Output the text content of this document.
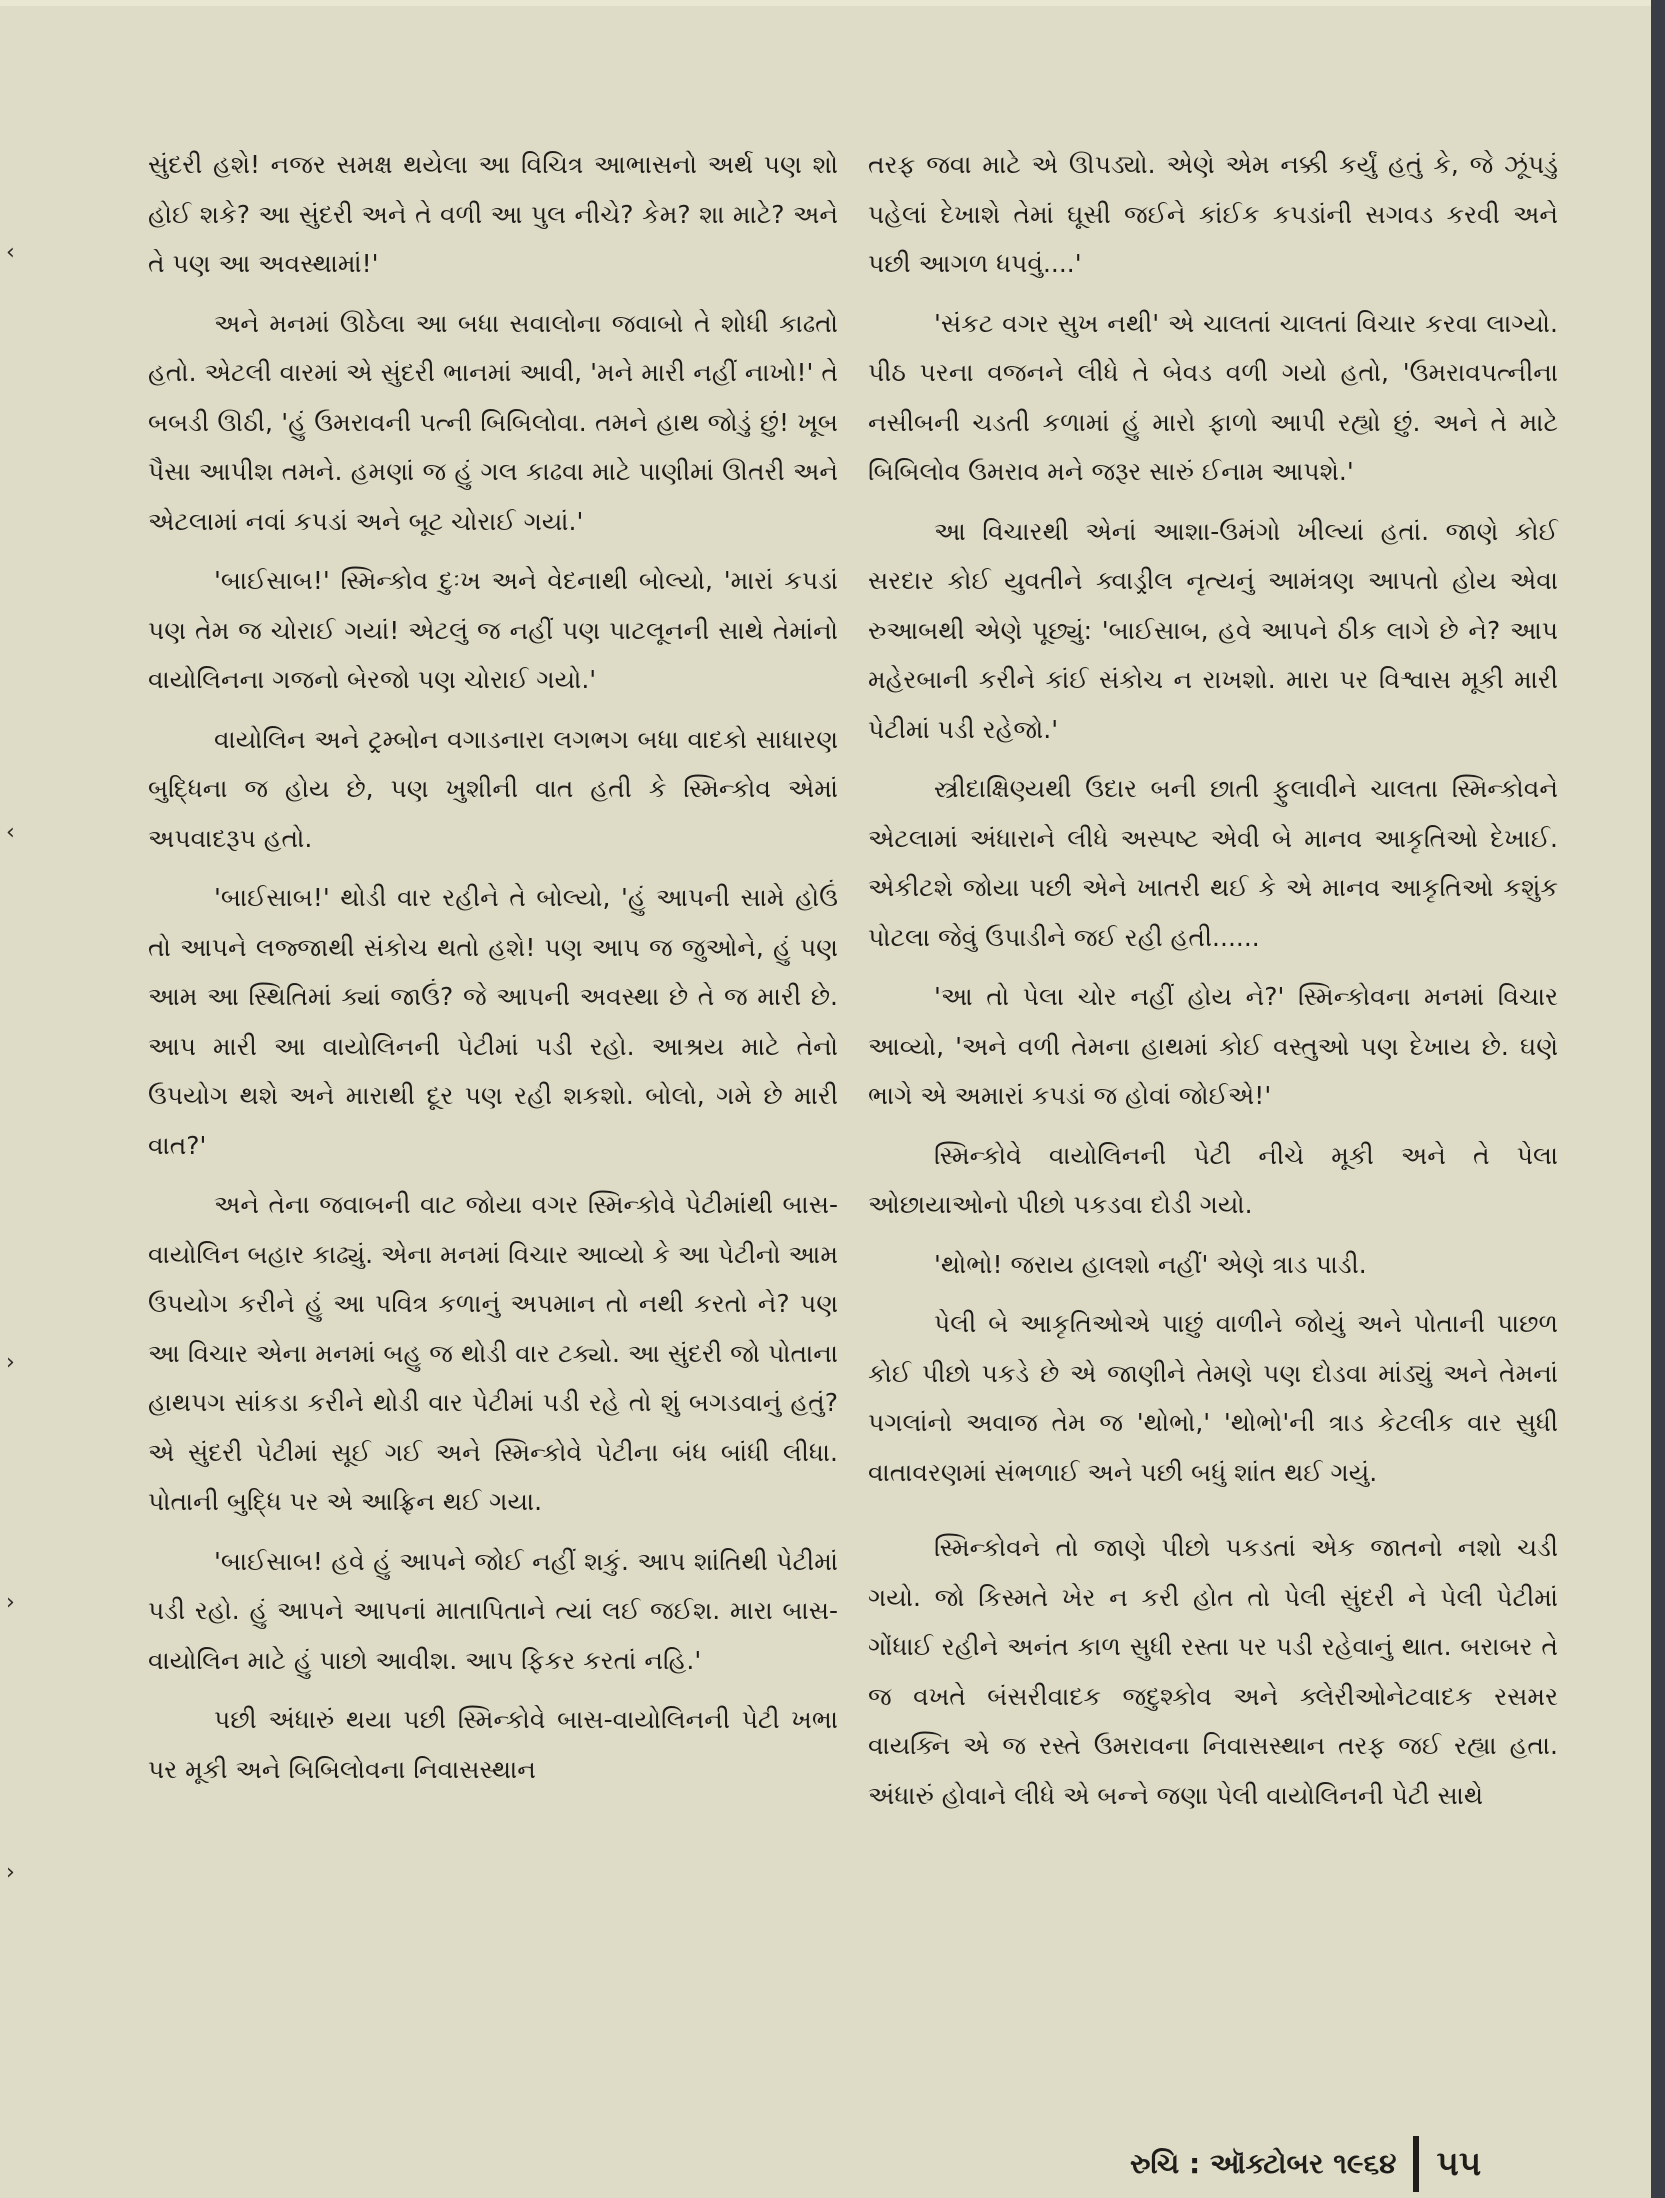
‹
‹
›
›
›

સુંદરી હશે! નજર સમક્ષ થયેલા આ વિચિત્ર આભાસનો અર્થ પણ શો હોઈ શકે? આ સુંદરી અને તે વળી આ પુલ નીચે? કેમ? શા માટે? અને તે પણ આ અવસ્થામાં!'

અને મનમાં ઊઠેલા આ બધા સવાલોના જવાબો તે શોધી કાઢતો હતો. એટલી વારમાં એ સુંદરી ભાનમાં આવી, 'મને મારી નહીં નાખો!' તે બબડી ઊઠી, 'હું ઉમરાવની પત્ની બિબિલોવા. તમને હાથ જોડું છું! ખૂબ પૈસા આપીશ તમને. હમણાં જ હું ગલ કાઢવા માટે પાણીમાં ઊતરી અને એટલામાં નવાં કપડાં અને બૂટ ચોરાઈ ગયાં.'

'બાઈસાબ!' સ્મિન્કોવ દુઃખ અને વેદનાથી બોલ્યો, 'મારાં કપડાં પણ તેમ જ ચોરાઈ ગયાં! એટલું જ નહીં પણ પાટલૂનની સાથે તેમાંનો વાયોલિનના ગજનો બેરજો પણ ચોરાઈ ગયો.'

વાયોલિન અને ટ્રમ્બોન વગાડનારા લગભગ બધા વાદકો સાધારણ બુદ્ધિના જ હોય છે, પણ ખુશીની વાત હતી કે સ્મિન્કોવ એમાં અપવાદરૂપ હતો.

'બાઈસાબ!' થોડી વાર રહીને તે બોલ્યો, 'હું આપની સામે હોઉં તો આપને લજ્જાથી સંકોચ થતો હશે! પણ આપ જ જુઓને, હું પણ આમ આ સ્થિતિમાં ક્યાં જાઉં? જે આપની અવસ્થા છે તે જ મારી છે. આપ મારી આ વાયોલિનની પેટીમાં પડી રહો. આશ્રય માટે તેનો ઉપયોગ થશે અને મારાથી દૂર પણ રહી શકશો. બોલો, ગમે છે મારી વાત?'

અને તેના જવાબની વાટ જોયા વગર સ્મિન્કોવે પેટીમાંથી બાસ-વાયોલિન બહાર કાઢ્યું. એના મનમાં વિચાર આવ્યો કે આ પેટીનો આમ ઉપયોગ કરીને હું આ પવિત્ર કળાનું અપમાન તો નથી કરતો ને? પણ આ વિચાર એના મનમાં બહુ જ થોડી વાર ટક્યો. આ સુંદરી જો પોતાના હાથપગ સાંકડા કરીને થોડી વાર પેટીમાં પડી રહે તો શું બગડવાનું હતું? એ સુંદરી પેટીમાં સૂઈ ગઈ અને સ્મિન્કોવે પેટીના બંધ બાંધી લીધા. પોતાની બુદ્ધિ પર એ આફ્રિન થઈ ગયા.

'બાઈસાબ! હવે હું આપને જોઈ નહીં શકું. આપ શાંતિથી પેટીમાં પડી રહો. હું આપને આપનાં માતાપિતાને ત્યાં લઈ જઈશ. મારા બાસ-વાયોલિન માટે હું પાછો આવીશ. આપ ફિકર કરતાં નહિ.'

પછી અંધારું થયા પછી સ્મિન્કોવે બાસ-વાયોલિનની પેટી ખભા પર મૂકી અને બિબિલોવના નિવાસસ્થાન

તરફ જવા માટે એ ઊપડ્યો. એણે એમ નક્કી કર્યું હતું કે, જે ઝૂંપડું પહેલાં દેખાશે તેમાં ઘૂસી જઈને કાંઈક કપડાંની સગવડ કરવી અને પછી આગળ ધપવું....'

'સંકટ વગર સુખ નથી' એ ચાલતાં ચાલતાં વિચાર કરવા લાગ્યો. પીઠ પરના વજનને લીધે તે બેવડ વળી ગયો હતો, 'ઉમરાવપત્નીના નસીબની ચડતી કળામાં હું મારો ફાળો આપી રહ્યો છું. અને તે માટે બિબિલોવ ઉમરાવ મને જરૂર સારું ઈનામ આપશે.'

આ વિચારથી એનાં આશા-ઉમંગો ખીલ્યાં હતાં. જાણે કોઈ સરદાર કોઈ યુવતીને ક્વાડ્રીલ નૃત્યનું આમંત્રણ આપતો હોય એવા રુઆબથી એણે પૂછ્યું: 'બાઈસાબ, હવે આપને ઠીક લાગે છે ને? આપ મહેરબાની કરીને કાંઈ સંકોચ ન રાખશો. મારા પર વિશ્વાસ મૂકી મારી પેટીમાં પડી રહેજો.'

સ્ત્રીદાક્ષિણ્યથી ઉદાર બની છાતી ફુલાવીને ચાલતા સ્મિન્કોવને એટલામાં અંધારાને લીધે અસ્પષ્ટ એવી બે માનવ આકૃતિઓ દેખાઈ. એકીટશે જોયા પછી એને ખાતરી થઈ કે એ માનવ આકૃતિઓ કશુંક પોટલા જેવું ઉપાડીને જઈ રહી હતી......

'આ તો પેલા ચોર નહીં હોય ને?' સ્મિન્કોવના મનમાં વિચાર આવ્યો, 'અને વળી તેમના હાથમાં કોઈ વસ્તુઓ પણ દેખાય છે. ઘણે ભાગે એ અમારાં કપડાં જ હોવાં જોઈએ!'

સ્મિન્કોવે વાયોલિનની પેટી નીચે મૂકી અને તે પેલા ઓછાયાઓનો પીછો પકડવા દોડી ગયો.

'થોભો! જરાય હાલશો નહીં' એણે ત્રાડ પાડી.

પેલી બે આકૃતિઓએ પાછું વાળીને જોયું અને પોતાની પાછળ કોઈ પીછો પકડે છે એ જાણીને તેમણે પણ દોડવા માંડ્યું અને તેમનાં પગલાંનો અવાજ તેમ જ 'થોભો,' 'થોભો'ની ત્રાડ કેટલીક વાર સુધી વાતાવરણમાં સંભળાઈ અને પછી બધું શાંત થઈ ગયું.

સ્મિન્કોવને તો જાણે પીછો પકડતાં એક જાતનો નશો ચડી ગયો. જો કિસ્મતે ખેર ન કરી હોત તો પેલી સુંદરી ને પેલી પેટીમાં ગોંધાઈ રહીને અનંત કાળ સુધી રસ્તા પર પડી રહેવાનું થાત. બરાબર તે જ વખતે બંસરીવાદક જદુશ્કોવ અને ક્લેરીઓનેટવાદક રસમર વાયક્નિ એ જ રસ્તે ઉમરાવના નિવાસસ્થાન તરફ જઈ રહ્યા હતા. અંધારું હોવાને લીધે એ બન્ને જણા પેલી વાયોલિનની પેટી સાથે

રુચિ : ઑક્ટોબર ૧૯૬૪ ૫૫
